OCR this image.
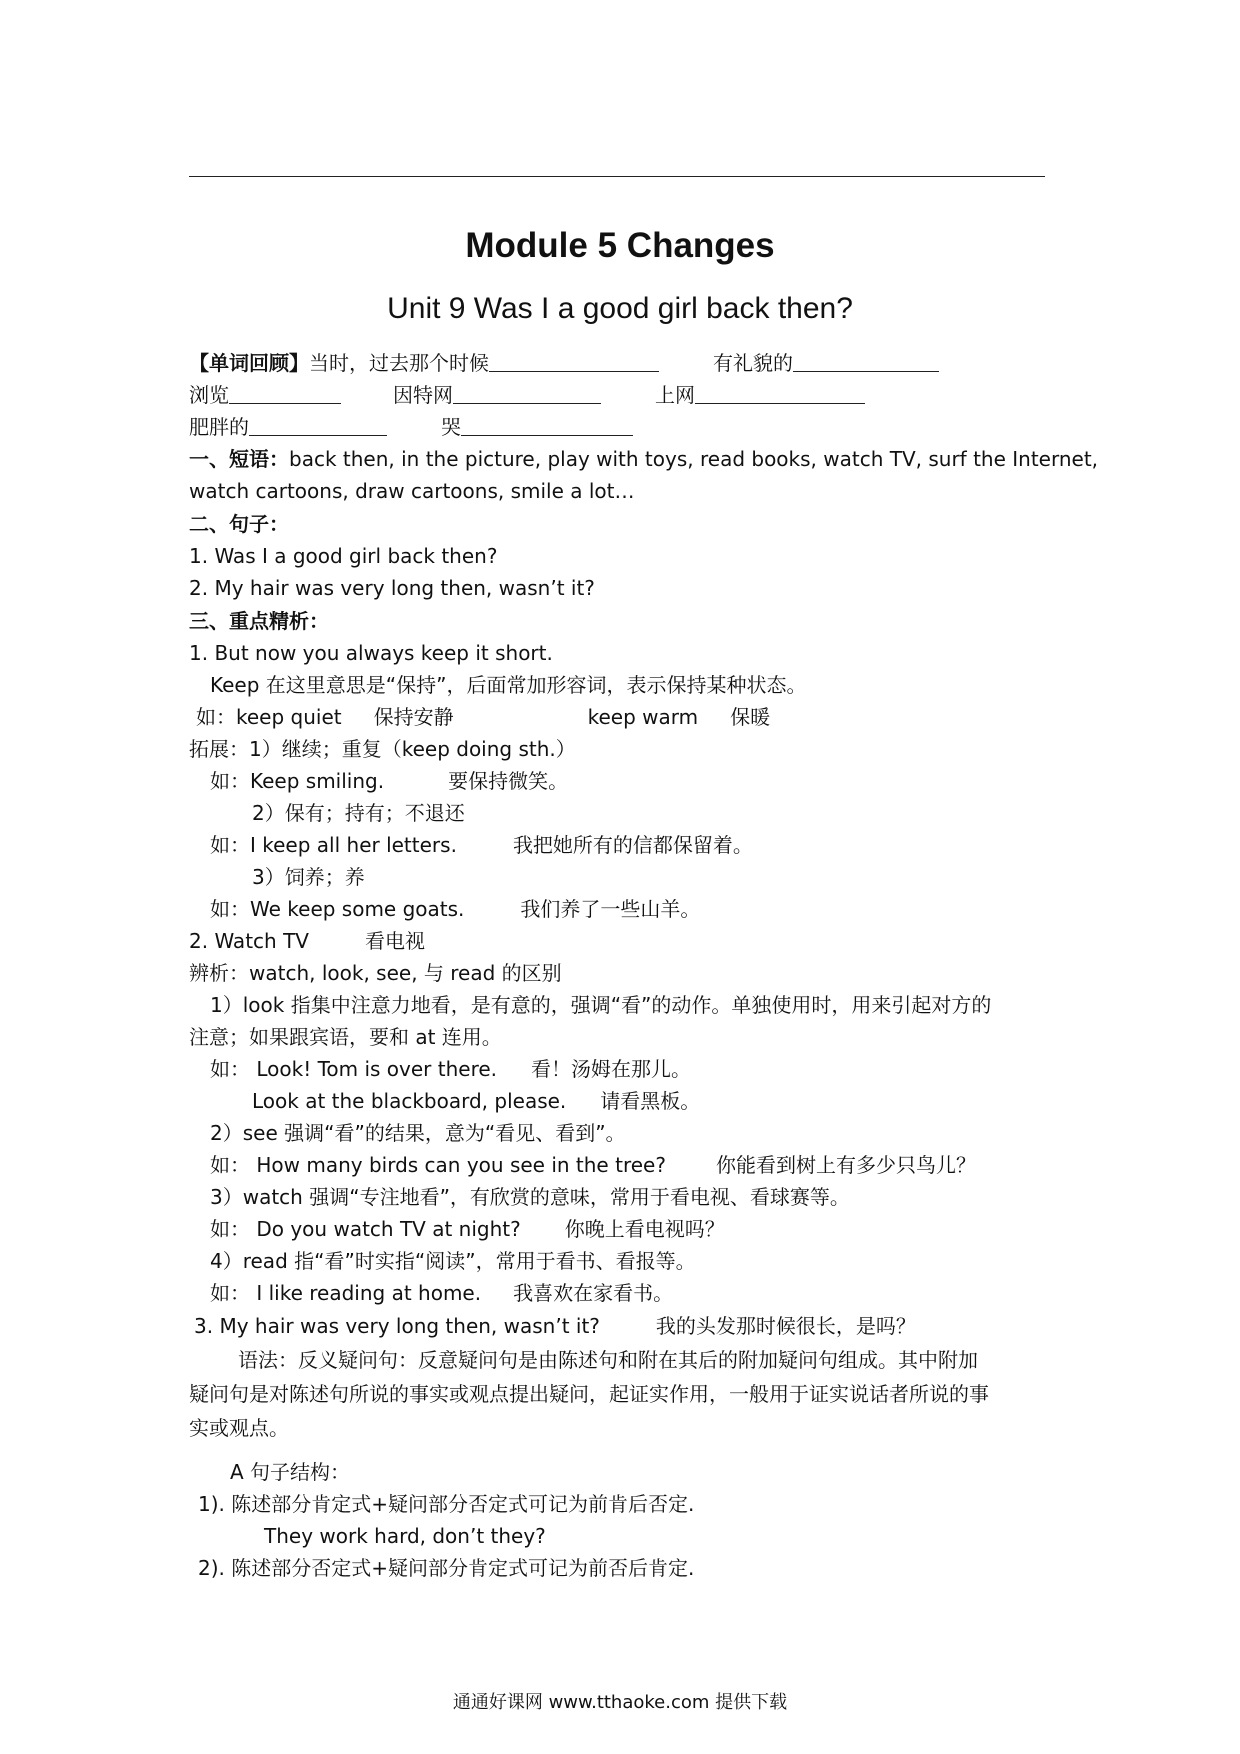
Module 5 Changes
Unit 9 Was I a good girl back then?
【单词回顾】当时，过去那个时候	有礼貌的
浏览	因特网	上网
肥胖的	哭
一、短语：back then, in the picture, play with toys, read books, watch TV, surf the Internet,
watch cartoons, draw cartoons, smile a lot…
二、句子：
1. Was I a good girl back then?
2. My hair was very long then, wasn’t it?
三、重点精析：
1. But now you always keep it short.
Keep 在这里意思是“保持”，后面常加形容词，表示保持某种状态。
如：keep quiet 保持安静	keep warm 保暖
拓展：1）继续；重复（keep doing sth.）
如：Keep smiling.	要保持微笑。
2）保有；持有；不退还
如：I keep all her letters.	我把她所有的信都保留着。
3）饲养；养
如：We keep some goats.	我们养了一些山羊。
2. Watch TV	看电视
辨析：watch, look, see, 与 read 的区别
1）look 指集中注意力地看，是有意的，强调“看”的动作。单独使用时，用来引起对方的
注意；如果跟宾语，要和 at 连用。
如： Look! Tom is over there. 看！汤姆在那儿。
Look at the blackboard, please. 请看黑板。
2）see 强调“看”的结果，意为“看见、看到”。
如： How many birds can you see in the tree?	你能看到树上有多少只鸟儿？
3）watch 强调“专注地看”，有欣赏的意味，常用于看电视、看球赛等。
如： Do you watch TV at night? 你晚上看电视吗？
4）read 指“看”时实指“阅读”，常用于看书、看报等。
如： I like reading at home. 我喜欢在家看书。
3. My hair was very long then, wasn’t it?	我的头发那时候很长，是吗？
语法：反义疑问句：反意疑问句是由陈述句和附在其后的附加疑问句组成。其中附加
疑问句是对陈述句所说的事实或观点提出疑问，起证实作用，一般用于证实说话者所说的事
实或观点。
A 句子结构：
1). 陈述部分肯定式+疑问部分否定式可记为前肯后否定.
They work hard, don’t they?
2). 陈述部分否定式+疑问部分肯定式可记为前否后肯定.
通通好课网 www.tthaoke.com 提供下载
